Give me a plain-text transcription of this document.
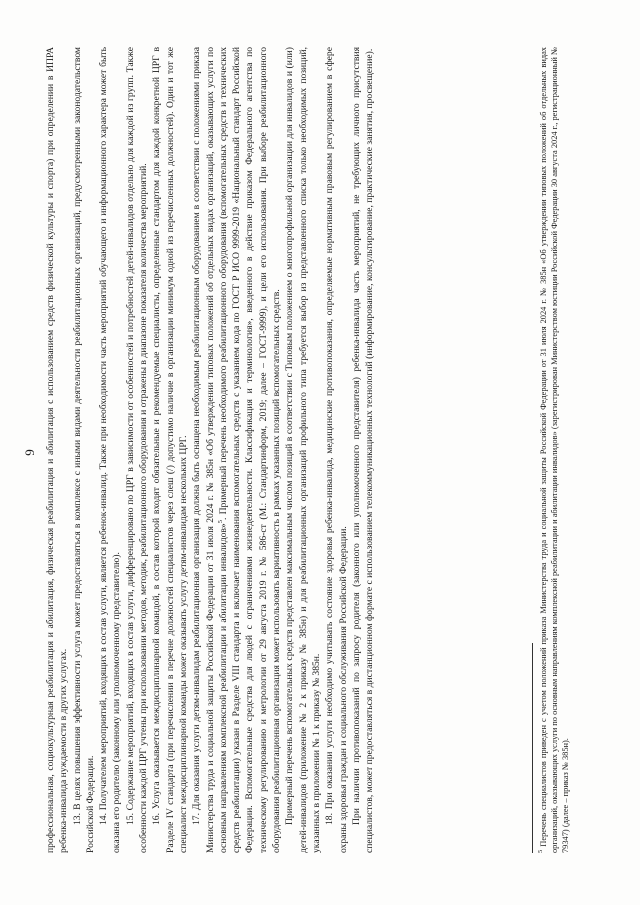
9 профессиональная, социокультурная реабилитация и абилитация, физическая реабилитация и абилитация с использованием средств физической культуры и спорта) при определении в ИПРА ребенка-инвалида нуждаемости в других услугах. 13. В целях повышения эффективности услуга может предоставляться в комплексе с иными видами деятельности реабилитационных организаций, предусмотренными законодательством Российской Федерации. 14. Получателем мероприятий, входящих в состав услуги, является ребенок-инвалид. Также при необходимости часть мероприятий обучающего и информационного характера может быть оказана его родителю (законному или уполномоченному представителю). 15. Содержание мероприятий, входящих в состав услуги, дифференцировано по ЦРГ в зависимости от особенностей и потребностей детей-инвалидов отдельно для каждой из групп. Также особенности каждой ЦРГ учтены при использовании методов, методик, реабилитационного оборудования и отражены в диапазоне показателя количества мероприятий. 16. Услуга оказывается междисциплинарной командой, в состав которой входят обязательные и рекомендуемые специалисты, определенные стандартом для каждой конкретной ЦРГ в Разделе IV стандарта (при перечислении в перечне должностей специалистов через слеш (/) допустимо наличие в организации минимум одной из перечисленных должностей). Один и тот же специалист междисциплинарной команды может оказывать услугу детям-инвалидам нескольких ЦРГ. 17. Для оказания услуги детям-инвалидам реабилитационная организация должна быть оснащена необходимым реабилитационным оборудованием в соответствии с положениями приказа Министерства труда и социальной защиты Российской Федерации от 31 июля 2024 г. № 385н «Об утверждении типовых положений об отдельных видах организаций, оказывающих услуги по основным направлениям комплексной реабилитации и абилитации инвалидов»$^5$. Примерный перечень необходимого реабилитационного оборудования (вспомогательных средств и технических средств реабилитации) указан в Разделе VIII стандарта и включает наименования вспомогательных средств с указанием кода по ГОСТ Р ИСО 9999-2019 «Национальный стандарт Российской Федерации. Вспомогательные средства для людей с ограничениями жизнедеятельности. Классификация и терминология», введенного в действие приказом Федерального агентства по техническому регулированию и метрологии от 29 августа 2019 г. № 586-ст (М.: Стандартинформ, 2019; далее – ГОСТ-9999), и цели его использования. При выборе реабилитационного оборудования реабилитационная организация может использовать вариативность в рамках указанных позиций вспомогательных средств. Примерный перечень вспомогательных средств представлен максимальным числом позиций в соответствии с Типовым положением о многопрофильной организации для инвалидов и (или) детей-инвалидов (приложение № 2 к приказу № 385н) и для реабилитационных организаций профильного типа требуется выбор из представленного списка только необходимых позиций, указанных в приложении № 1 к приказу № 385н. 18. При оказании услуги необходимо учитывать состояние здоровья ребенка-инвалида, медицинские противопоказания, определяемые нормативным правовым регулированием в сфере охраны здоровья граждан и социального обслуживания Российской Федерации. При наличии противопоказаний по запросу родителя (законного или уполномоченного представителя) ребенка-инвалида часть мероприятий, не требующих личного присутствия специалистов, может предоставляться в дистанционном формате с использованием телекоммуникационных технологий (информирование, консультирование, практические занятия, просвещение).	$^5$ Перечень специалистов приведен с учетом положений приказа Министерства труда и социальной защиты Российской Федерации от 31 июля 2024 г. № 385н «Об утверждении типовых положений об отдельных видах организаций, оказывающих услуги по основным направлениям комплексной реабилитации и абилитации инвалидов» (зарегистрирован Министерством юстиции Российской Федерации 30 августа 2024 г., регистрационный № 79347) (далее – приказ № 385н).
